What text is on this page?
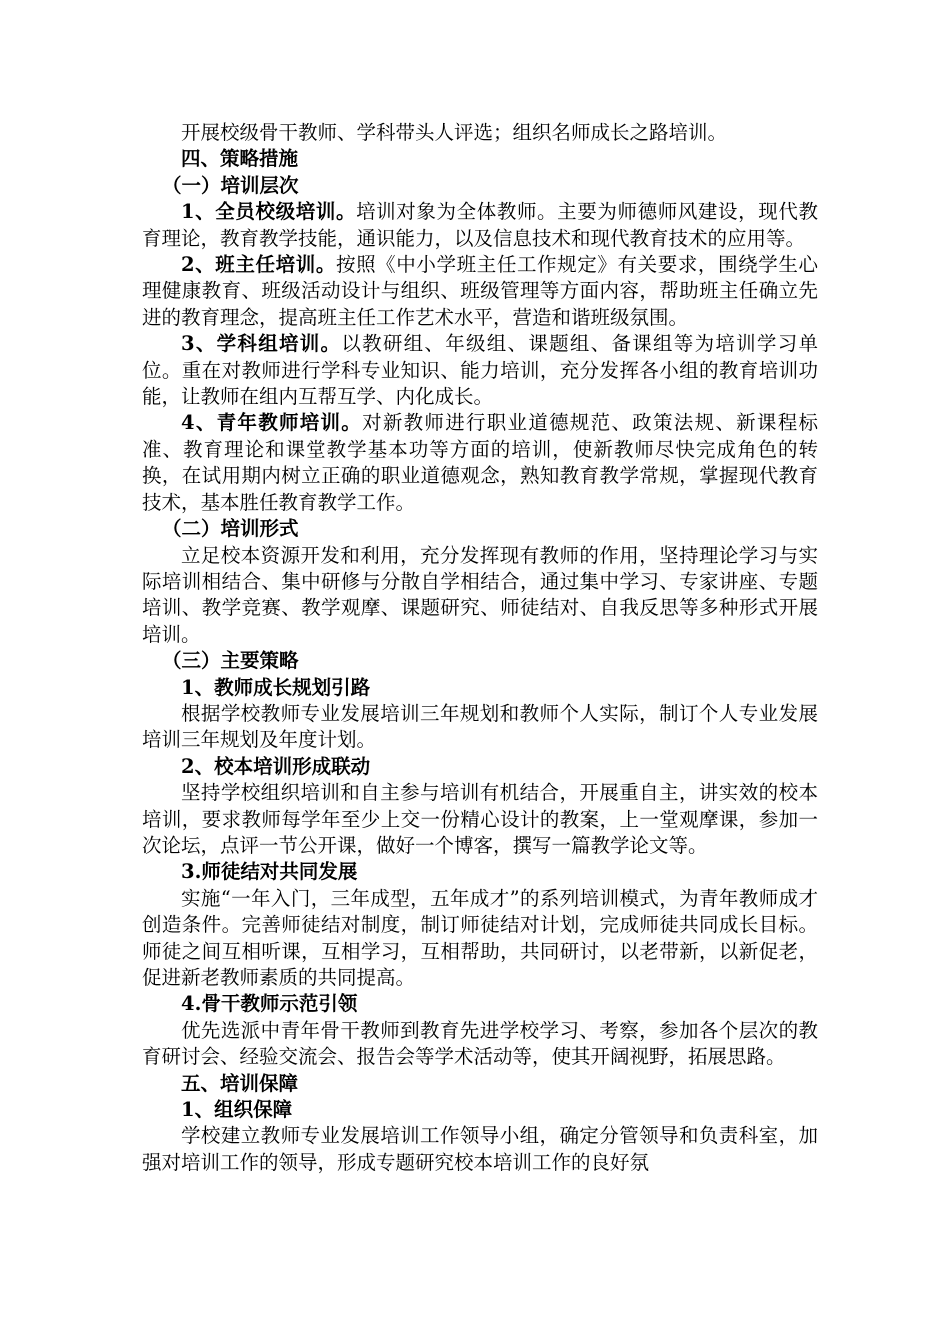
开展校级骨干教师、学科带头人评选；组织名师成长之路培训。

四、策略措施

（一）培训层次

1、全员校级培训。培训对象为全体教师。主要为师德师风建设，现代教育理论，教育教学技能，通识能力，以及信息技术和现代教育技术的应用等。

2、班主任培训。按照《中小学班主任工作规定》有关要求，围绕学生心理健康教育、班级活动设计与组织、班级管理等方面内容，帮助班主任确立先进的教育理念，提高班主任工作艺术水平，营造和谐班级氛围。

3、学科组培训。以教研组、年级组、课题组、备课组等为培训学习单位。重在对教师进行学科专业知识、能力培训，充分发挥各小组的教育培训功能，让教师在组内互帮互学、内化成长。

4、青年教师培训。对新教师进行职业道德规范、政策法规、新课程标准、教育理论和课堂教学基本功等方面的培训，使新教师尽快完成角色的转换，在试用期内树立正确的职业道德观念，熟知教育教学常规，掌握现代教育技术，基本胜任教育教学工作。

（二）培训形式

立足校本资源开发和利用，充分发挥现有教师的作用，坚持理论学习与实际培训相结合、集中研修与分散自学相结合，通过集中学习、专家讲座、专题培训、教学竞赛、教学观摩、课题研究、师徒结对、自我反思等多种形式开展培训。

（三）主要策略

1、教师成长规划引路

根据学校教师专业发展培训三年规划和教师个人实际，制订个人专业发展培训三年规划及年度计划。

2、校本培训形成联动

坚持学校组织培训和自主参与培训有机结合，开展重自主，讲实效的校本培训，要求教师每学年至少上交一份精心设计的教案，上一堂观摩课，参加一次论坛，点评一节公开课，做好一个博客，撰写一篇教学论文等。

3.师徒结对共同发展

实施“一年入门，三年成型，五年成才”的系列培训模式，为青年教师成才创造条件。完善师徒结对制度，制订师徒结对计划，完成师徒共同成长目标。师徒之间互相听课，互相学习，互相帮助，共同研讨，以老带新，以新促老，促进新老教师素质的共同提高。

4.骨干教师示范引领

优先选派中青年骨干教师到教育先进学校学习、考察，参加各个层次的教育研讨会、经验交流会、报告会等学术活动等，使其开阔视野，拓展思路。

五、培训保障

1、组织保障

学校建立教师专业发展培训工作领导小组，确定分管领导和负责科室，加强对培训工作的领导，形成专题研究校本培训工作的良好氛
